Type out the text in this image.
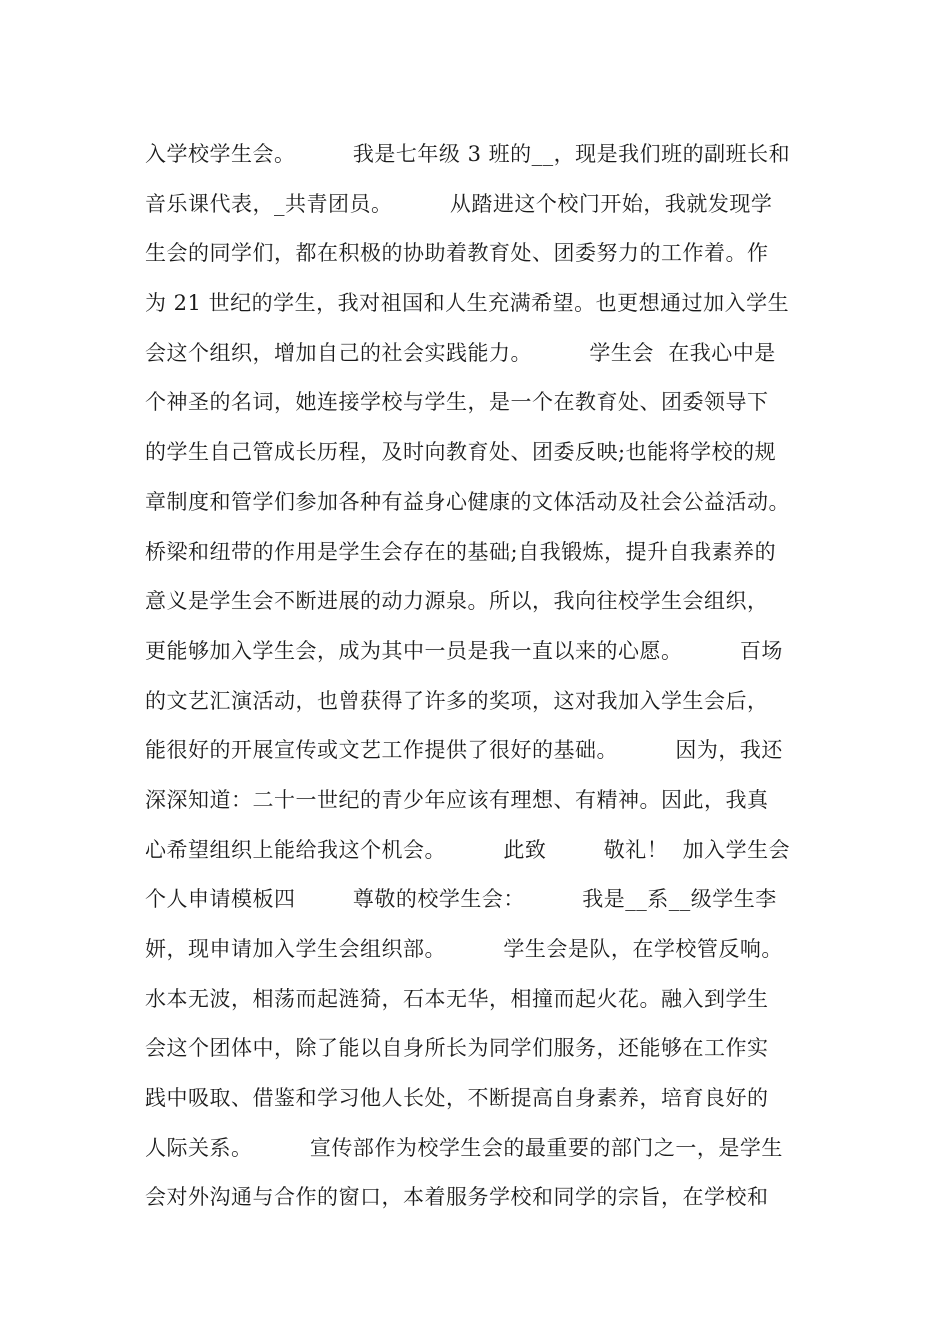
入学校学生会。        我是七年级 3 班的__，现是我们班的副班长和
音乐课代表，_共青团员。        从踏进这个校门开始，我就发现学
生会的同学们，都在积极的协助着教育处、团委努力的工作着。作
为 21 世纪的学生，我对祖国和人生充满希望。也更想通过加入学生
会这个组织，增加自己的社会实践能力。        学生会  在我心中是
个神圣的名词，她连接学校与学生，是一个在教育处、团委领导下
的学生自己管成长历程，及时向教育处、团委反映;也能将学校的规
章制度和管学们参加各种有益身心健康的文体活动及社会公益活动。
桥梁和纽带的作用是学生会存在的基础;自我锻炼，提升自我素养的
意义是学生会不断进展的动力源泉。所以，我向往校学生会组织，
更能够加入学生会，成为其中一员是我一直以来的心愿。        百场
的文艺汇演活动，也曾获得了许多的奖项，这对我加入学生会后，
能很好的开展宣传或文艺工作提供了很好的基础。        因为，我还
深深知道：二十一世纪的青少年应该有理想、有精神。因此，我真
心希望组织上能给我这个机会。        此致        敬礼！  加入学生会
个人申请模板四        尊敬的校学生会：        我是__系__级学生李
妍，现申请加入学生会组织部。        学生会是队，在学校管反响。
水本无波，相荡而起涟猗，石本无华，相撞而起火花。融入到学生
会这个团体中，除了能以自身所长为同学们服务，还能够在工作实
践中吸取、借鉴和学习他人长处，不断提高自身素养，培育良好的
人际关系。        宣传部作为校学生会的最重要的部门之一，是学生
会对外沟通与合作的窗口，本着服务学校和同学的宗旨，在学校和
